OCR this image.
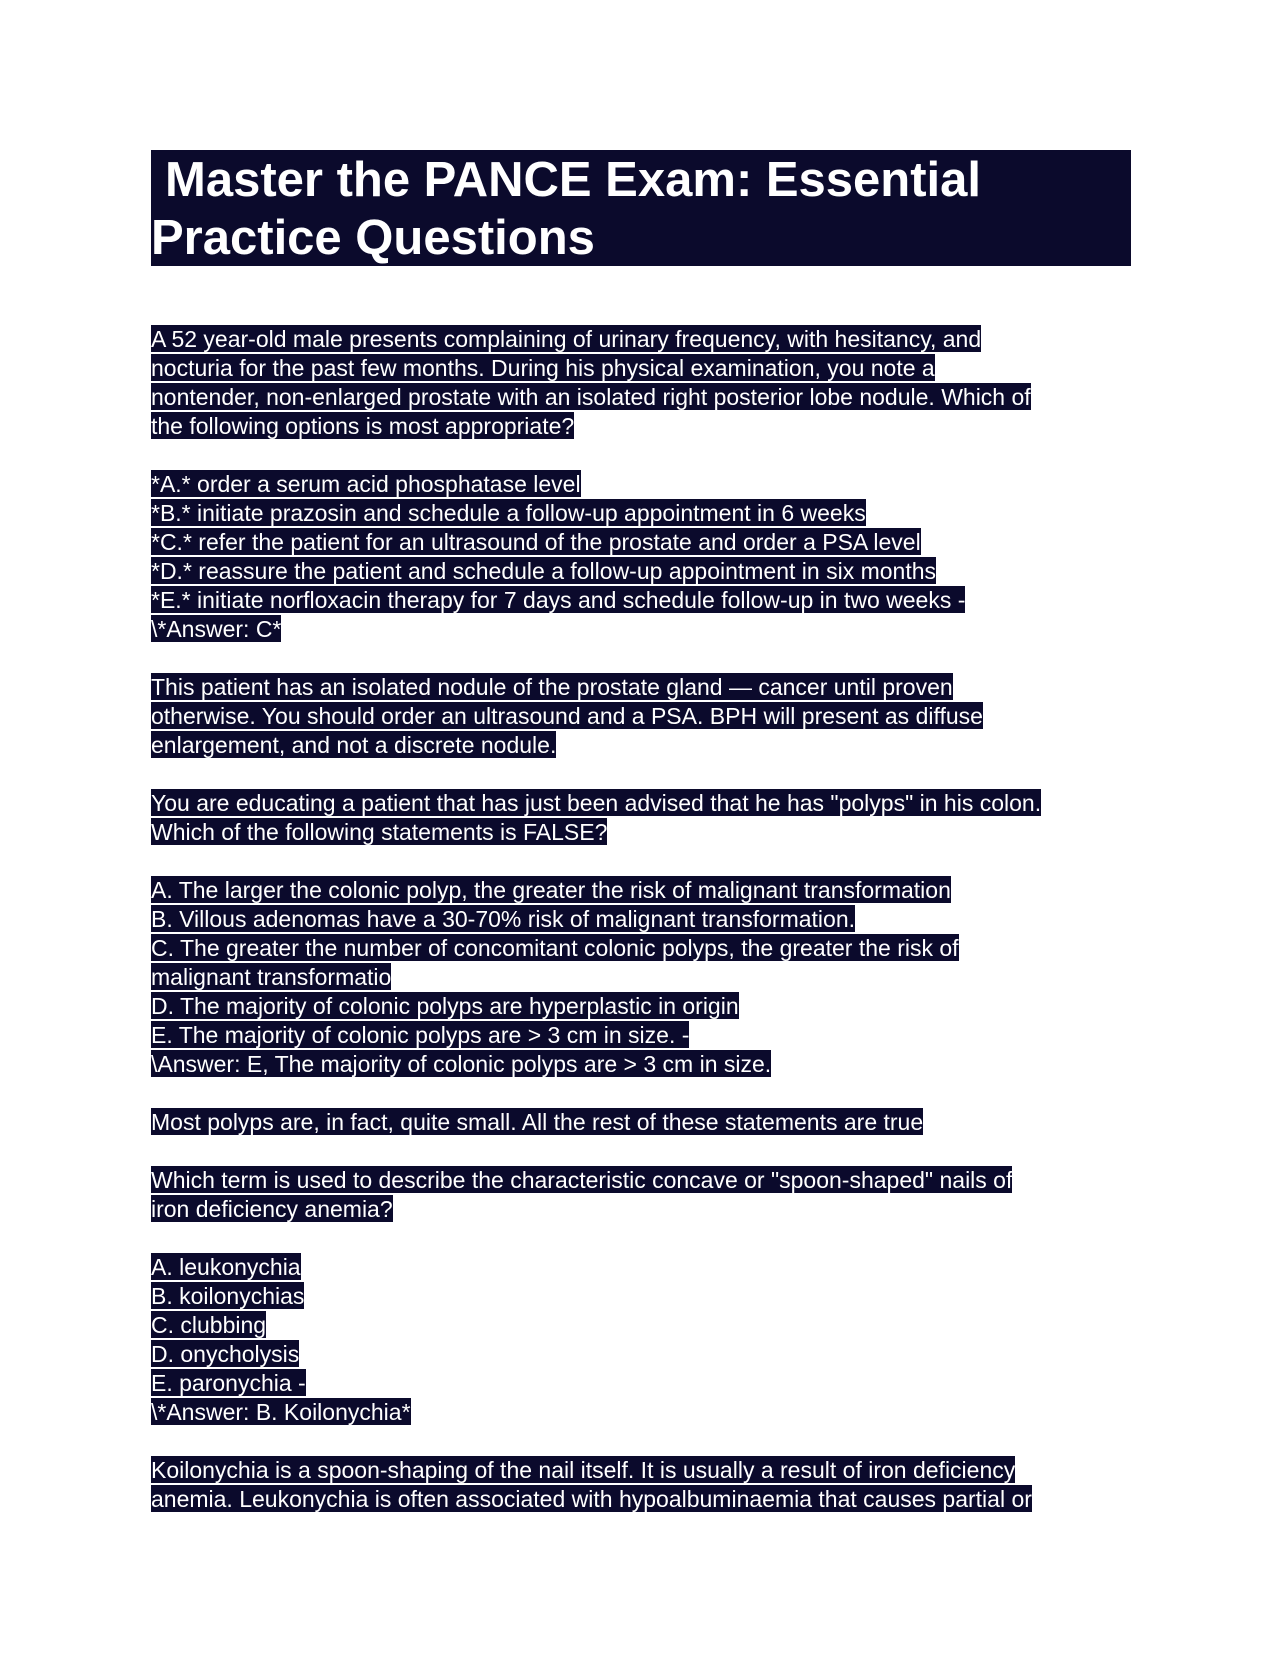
Master the PANCE Exam: Essential
Practice Questions
A 52 year-old male presents complaining of urinary frequency, with hesitancy, and
nocturia for the past few months. During his physical examination, you note a
nontender, non-enlarged prostate with an isolated right posterior lobe nodule. Which of
the following options is most appropriate?
*A.* order a serum acid phosphatase level
*B.* initiate prazosin and schedule a follow-up appointment in 6 weeks
*C.* refer the patient for an ultrasound of the prostate and order a PSA level
*D.* reassure the patient and schedule a follow-up appointment in six months
*E.* initiate norfloxacin therapy for 7 days and schedule follow-up in two weeks -
\*Answer: C*
This patient has an isolated nodule of the prostate gland — cancer until proven
otherwise. You should order an ultrasound and a PSA. BPH will present as diffuse
enlargement, and not a discrete nodule.
You are educating a patient that has just been advised that he has "polyps" in his colon.
Which of the following statements is FALSE?
A. The larger the colonic polyp, the greater the risk of malignant transformation
B. Villous adenomas have a 30-70% risk of malignant transformation.
C. The greater the number of concomitant colonic polyps, the greater the risk of
malignant transformatio
D. The majority of colonic polyps are hyperplastic in origin
E. The majority of colonic polyps are > 3 cm in size. -
\Answer: E, The majority of colonic polyps are > 3 cm in size.
Most polyps are, in fact, quite small. All the rest of these statements are true
Which term is used to describe the characteristic concave or "spoon-shaped" nails of
iron deficiency anemia?
A. leukonychia
B. koilonychias
C. clubbing
D. onycholysis
E. paronychia -
\*Answer: B. Koilonychia*
Koilonychia is a spoon-shaping of the nail itself. It is usually a result of iron deficiency
anemia. Leukonychia is often associated with hypoalbuminaemia that causes partial or
